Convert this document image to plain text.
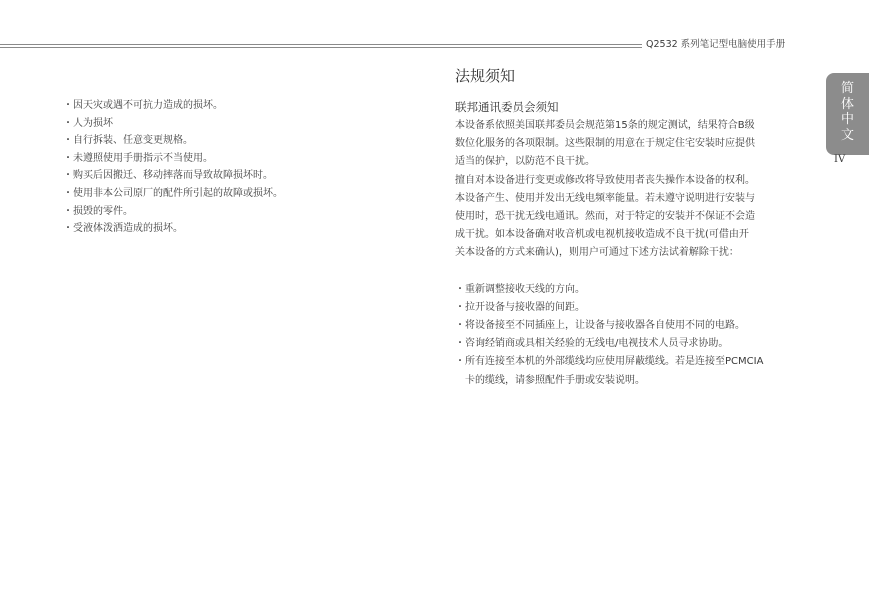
Q2532 系列笔记型电脑使用手册
・因天灾或遇不可抗力造成的损坏。
・人为损坏
・自行拆装、任意变更规格。
・未遵照使用手册指示不当使用。
・购买后因搬迁、移动摔落而导致故障损坏时。
・使用非本公司原厂的配件所引起的故障或损坏。
・损毁的零件。
・受液体泼洒造成的损坏。
法规须知
联邦通讯委员会须知

本设备系依照美国联邦委员会规范第15条的规定测试，结果符合B级
数位化服务的各项限制。这些限制的用意在于规定住宅安装时应提供
适当的保护，以防范不良干扰。
擅自对本设备进行变更或修改将导致使用者丧失操作本设备的权利。
本设备产生、使用并发出无线电频率能量。若未遵守说明进行安装与
使用时，恐干扰无线电通讯。然而，对于特定的安装并不保证不会造
成干扰。如本设备确对收音机或电视机接收造成不良干扰(可借由开
关本设备的方式来确认)，则用户可通过下述方法试着解除干扰：

・重新调整接收天线的方向。
・拉开设备与接收器的间距。
・将设备接至不同插座上，让设备与接收器各自使用不同的电路。
・咨询经销商或具相关经验的无线电/电视技术人员寻求协助。
・所有连接至本机的外部缆线均应使用屏蔽缆线。若是连接至PCMCIA
卡的缆线，请参照配件手册或安装说明。
简
体
中
文
IV
